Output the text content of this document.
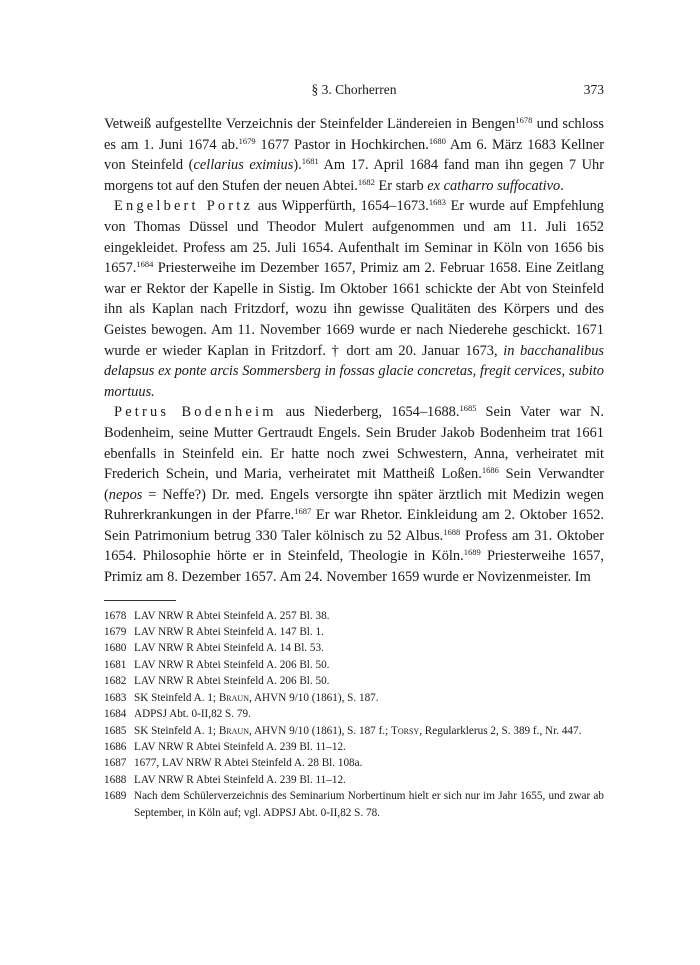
§ 3. Chorherren	373

Vetweiß aufgestellte Verzeichnis der Steinfelder Ländereien in Bengen$^{1678}$ und schloss es am 1. Juni 1674 ab.$^{1679}$ 1677 Pastor in Hochkirchen.$^{1680}$ Am 6. März 1683 Kellner von Steinfeld (cellarius eximius).$^{1681}$ Am 17. April 1684 fand man ihn gegen 7 Uhr morgens tot auf den Stufen der neuen Abtei.$^{1682}$ Er starb ex catharro suffocativo.

Engelbert Portz aus Wipperfürth, 1654–1673.$^{1683}$ Er wurde auf Empfehlung von Thomas Düssel und Theodor Mulert aufgenommen und am 11. Juli 1652 eingekleidet. Profess am 25. Juli 1654. Aufenthalt im Seminar in Köln von 1656 bis 1657.$^{1684}$ Priesterweihe im Dezember 1657, Primiz am 2. Februar 1658. Eine Zeitlang war er Rektor der Kapelle in Sistig. Im Oktober 1661 schickte der Abt von Steinfeld ihn als Kaplan nach Fritzdorf, wozu ihn gewisse Qualitäten des Körpers und des Geistes bewogen. Am 11. November 1669 wurde er nach Niederehe geschickt. 1671 wurde er wieder Kaplan in Fritzdorf. † dort am 20. Januar 1673, in bacchanalibus delapsus ex ponte arcis Sommersberg in fossas glacie concretas, fregit cervices, subito mortuus.

Petrus Bodenheim aus Niederberg, 1654–1688.$^{1685}$ Sein Vater war N. Bodenheim, seine Mutter Gertraudt Engels. Sein Bruder Jakob Bodenheim trat 1661 ebenfalls in Steinfeld ein. Er hatte noch zwei Schwestern, Anna, verheiratet mit Frederich Schein, und Maria, verheiratet mit Mattheiß Loßen.$^{1686}$ Sein Verwandter (nepos = Neffe?) Dr. med. Engels versorgte ihn später ärztlich mit Medizin wegen Ruhrerkrankungen in der Pfarre.$^{1687}$ Er war Rhetor. Einkleidung am 2. Oktober 1652. Sein Patrimonium betrug 330 Taler kölnisch zu 52 Albus.$^{1688}$ Profess am 31. Oktober 1654. Philosophie hörte er in Steinfeld, Theologie in Köln.$^{1689}$ Priesterweihe 1657, Primiz am 8. Dezember 1657. Am 24. November 1659 wurde er Novizenmeister. Im

1678 LAV NRW R Abtei Steinfeld A. 257 Bl. 38.
1679 LAV NRW R Abtei Steinfeld A. 147 Bl. 1.
1680 LAV NRW R Abtei Steinfeld A. 14 Bl. 53.
1681 LAV NRW R Abtei Steinfeld A. 206 Bl. 50.
1682 LAV NRW R Abtei Steinfeld A. 206 Bl. 50.
1683 SK Steinfeld A. 1; Braun, AHVN 9/10 (1861), S. 187.
1684 ADPSJ Abt. 0-II,82 S. 79.
1685 SK Steinfeld A. 1; Braun, AHVN 9/10 (1861), S. 187 f.; Torsy, Regularklerus 2, S. 389 f., Nr. 447.
1686 LAV NRW R Abtei Steinfeld A. 239 Bl. 11–12.
1687 1677, LAV NRW R Abtei Steinfeld A. 28 Bl. 108a.
1688 LAV NRW R Abtei Steinfeld A. 239 Bl. 11–12.
1689 Nach dem Schülerverzeichnis des Seminarium Norbertinum hielt er sich nur im Jahr 1655, und zwar ab September, in Köln auf; vgl. ADPSJ Abt. 0-II,82 S. 78.
